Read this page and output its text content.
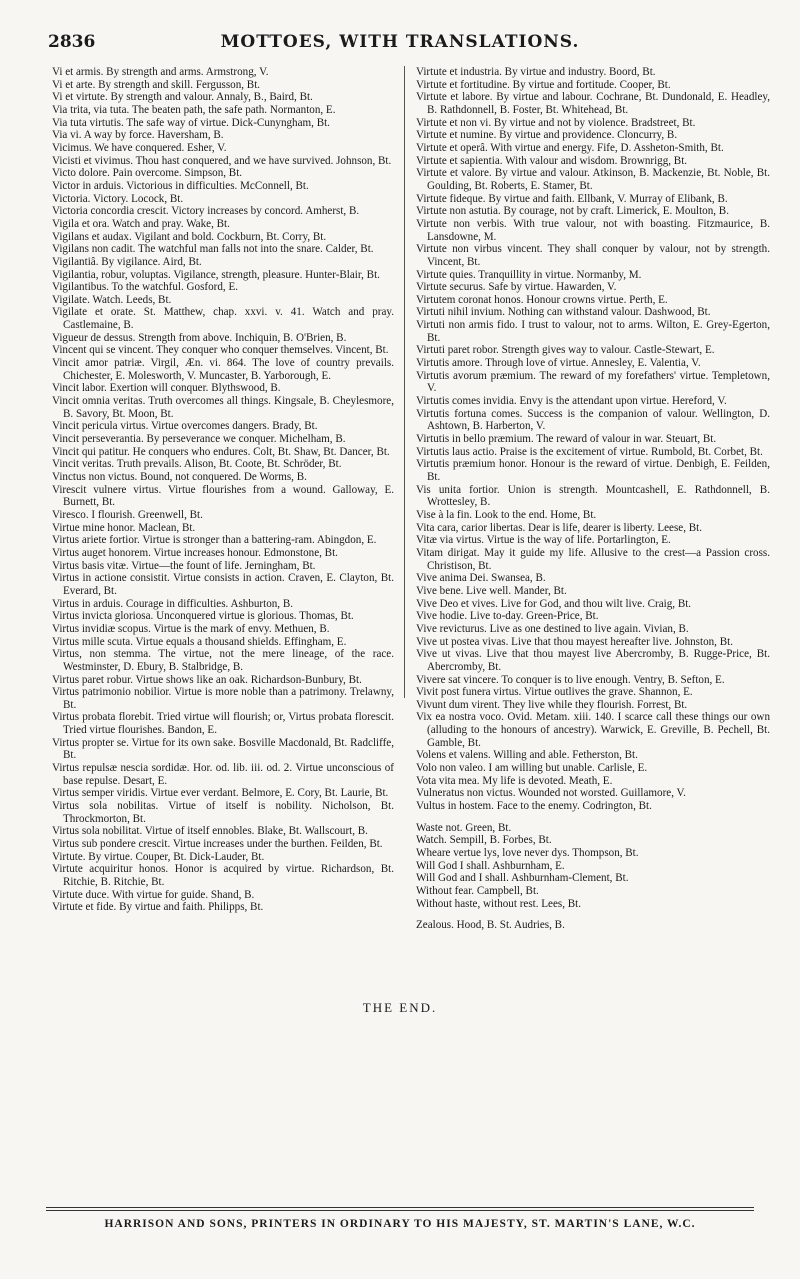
2836	MOTTOES, WITH TRANSLATIONS.

Vi et armis. By strength and arms. Armstrong, V.

Vi et arte. By strength and skill. Fergusson, Bt.

Vi et virtute. By strength and valour. Annaly, B., Baird, Bt.

Via trita, via tuta. The beaten path, the safe path. Normanton, E.

Via tuta virtutis. The safe way of virtue. Dick-Cunyngham, Bt.

Via vi. A way by force. Haversham, B.

Vicimus. We have conquered. Esher, V.

Vicisti et vivimus. Thou hast conquered, and we have survived. Johnson, Bt.

Victo dolore. Pain overcome. Simpson, Bt.

Victor in arduis. Victorious in difficulties. McConnell, Bt.

Victoria. Victory. Locock, Bt.

Victoria concordia crescit. Victory increases by concord. Amherst, B.

Vigila et ora. Watch and pray. Wake, Bt.

Vigilans et audax. Vigilant and bold. Cockburn, Bt. Corry, Bt.

Vigilans non cadit. The watchful man falls not into the snare. Calder, Bt.

Vigilantiâ. By vigilance. Aird, Bt.

Vigilantia, robur, voluptas. Vigilance, strength, pleasure. Hunter-Blair, Bt.

Vigilantibus. To the watchful. Gosford, E.

Vigilate. Watch. Leeds, Bt.

Vigilate et orate. St. Matthew, chap. xxvi. v. 41. Watch and pray. Castlemaine, B.

Vigueur de dessus. Strength from above. Inchiquin, B. O'Brien, B.

Vincent qui se vincent. They conquer who conquer themselves. Vincent, Bt.

Vincit amor patriæ. Virgil, Æn. vi. 864. The love of country prevails. Chichester, E. Molesworth, V. Muncaster, B. Yarborough, E.

Vincit labor. Exertion will conquer. Blythswood, B.

Vincit omnia veritas. Truth overcomes all things. Kingsale, B. Cheylesmore, B. Savory, Bt. Moon, Bt.

Vincit pericula virtus. Virtue overcomes dangers. Brady, Bt.

Vincit perseverantia. By perseverance we conquer. Michelham, B.

Vincit qui patitur. He conquers who endures. Colt, Bt. Shaw, Bt. Dancer, Bt.

Vincit veritas. Truth prevails. Alison, Bt. Coote, Bt. Schröder, Bt.

Vinctus non victus. Bound, not conquered. De Worms, B.

Virescit vulnere virtus. Virtue flourishes from a wound. Galloway, E. Burnett, Bt.

Viresco. I flourish. Greenwell, Bt.

Virtue mine honor. Maclean, Bt.

Virtus ariete fortior. Virtue is stronger than a battering-ram. Abingdon, E.

Virtus auget honorem. Virtue increases honour. Edmonstone, Bt.

Virtus basis vitæ. Virtue—the fount of life. Jerningham, Bt.

Virtus in actione consistit. Virtue consists in action. Craven, E. Clayton, Bt. Everard, Bt.

Virtus in arduis. Courage in difficulties. Ashburton, B.

Virtus invicta gloriosa. Unconquered virtue is glorious. Thomas, Bt.

Virtus invidiæ scopus. Virtue is the mark of envy. Methuen, B.

Virtus mille scuta. Virtue equals a thousand shields. Effingham, E.

Virtus, non stemma. The virtue, not the mere lineage, of the race. Westminster, D. Ebury, B. Stalbridge, B.

Virtus paret robur. Virtue shows like an oak. Richardson-Bunbury, Bt.

Virtus patrimonio nobilior. Virtue is more noble than a patrimony. Trelawny, Bt.

Virtus probata florebit. Tried virtue will flourish; or, Virtus probata florescit. Tried virtue flourishes. Bandon, E.

Virtus propter se. Virtue for its own sake. Bosville Macdonald, Bt. Radcliffe, Bt.

Virtus repulsæ nescia sordidæ. Hor. od. lib. iii. od. 2. Virtue unconscious of base repulse. Desart, E.

Virtus semper viridis. Virtue ever verdant. Belmore, E. Cory, Bt. Laurie, Bt.

Virtus sola nobilitas. Virtue of itself is nobility. Nicholson, Bt. Throckmorton, Bt.

Virtus sola nobilitat. Virtue of itself ennobles. Blake, Bt. Wallscourt, B.

Virtus sub pondere crescit. Virtue increases under the burthen. Feilden, Bt.

Virtute. By virtue. Couper, Bt. Dick-Lauder, Bt.

Virtute acquiritur honos. Honor is acquired by virtue. Richardson, Bt. Ritchie, B. Ritchie, Bt.

Virtute duce. With virtue for guide. Shand, B.

Virtute et fide. By virtue and faith. Philipps, Bt.

Virtute et industria. By virtue and industry. Boord, Bt.

Virtute et fortitudine. By virtue and fortitude. Cooper, Bt.

Virtute et labore. By virtue and labour. Cochrane, Bt. Dundonald, E. Headley, B. Rathdonnell, B. Foster, Bt. Whitehead, Bt.

Virtute et non vi. By virtue and not by violence. Bradstreet, Bt.

Virtute et numine. By virtue and providence. Cloncurry, B.

Virtute et operâ. With virtue and energy. Fife, D. Assheton-Smith, Bt.

Virtute et sapientia. With valour and wisdom. Brownrigg, Bt.

Virtute et valore. By virtue and valour. Atkinson, B. Mackenzie, Bt. Noble, Bt. Goulding, Bt. Roberts, E. Stamer, Bt.

Virtute fideque. By virtue and faith. Ellbank, V. Murray of Elibank, B.

Virtute non astutia. By courage, not by craft. Limerick, E. Moulton, B.

Virtute non verbis. With true valour, not with boasting. Fitzmaurice, B. Lansdowne, M.

Virtute non virbus vincent. They shall conquer by valour, not by strength. Vincent, Bt.

Virtute quies. Tranquillity in virtue. Normanby, M.

Virtute securus. Safe by virtue. Hawarden, V.

Virtutem coronat honos. Honour crowns virtue. Perth, E.

Virtuti nihil invium. Nothing can withstand valour. Dashwood, Bt.

Virtuti non armis fido. I trust to valour, not to arms. Wilton, E. Grey-Egerton, Bt.

Virtuti paret robor. Strength gives way to valour. Castle-Stewart, E.

Virtutis amore. Through love of virtue. Annesley, E. Valentia, V.

Virtutis avorum præmium. The reward of my forefathers' virtue. Templetown, V.

Virtutis comes invidia. Envy is the attendant upon virtue. Hereford, V.

Virtutis fortuna comes. Success is the companion of valour. Wellington, D. Ashtown, B. Harberton, V.

Virtutis in bello præmium. The reward of valour in war. Steuart, Bt.

Virtutis laus actio. Praise is the excitement of virtue. Rumbold, Bt. Corbet, Bt.

Virtutis præmium honor. Honour is the reward of virtue. Denbigh, E. Feilden, Bt.

Vis unita fortior. Union is strength. Mountcashell, E. Rathdonnell, B. Wrottesley, B.

Vise à la fin. Look to the end. Home, Bt.

Vita cara, carior libertas. Dear is life, dearer is liberty. Leese, Bt.

Vitæ via virtus. Virtue is the way of life. Portarlington, E.

Vitam dirigat. May it guide my life. Allusive to the crest—a Passion cross. Christison, Bt.

Vive anima Dei. Swansea, B.

Vive bene. Live well. Mander, Bt.

Vive Deo et vives. Live for God, and thou wilt live. Craig, Bt.

Vive hodie. Live to-day. Green-Price, Bt.

Vive revicturus. Live as one destined to live again. Vivian, B.

Vive ut postea vivas. Live that thou mayest hereafter live. Johnston, Bt.

Vive ut vivas. Live that thou mayest live Abercromby, B. Rugge-Price, Bt. Abercromby, Bt.

Vivere sat vincere. To conquer is to live enough. Ventry, B. Sefton, E.

Vivit post funera virtus. Virtue outlives the grave. Shannon, E.

Vivunt dum virent. They live while they flourish. Forrest, Bt.

Vix ea nostra voco. Ovid. Metam. xiii. 140. I scarce call these things our own (alluding to the honours of ancestry). Warwick, E. Greville, B. Pechell, Bt. Gamble, Bt.

Volens et valens. Willing and able. Fetherston, Bt.

Volo non valeo. I am willing but unable. Carlisle, E.

Vota vita mea. My life is devoted. Meath, E.

Vulneratus non victus. Wounded not worsted. Guillamore, V.

Vultus in hostem. Face to the enemy. Codrington, Bt.

Waste not. Green, Bt.

Watch. Sempill, B. Forbes, Bt.

Wheare vertue lys, love never dys. Thompson, Bt.

Will God I shall. Ashburnham, E.

Will God and I shall. Ashburnham-Clement, Bt.

Without fear. Campbell, Bt.

Without haste, without rest. Lees, Bt.

Zealous. Hood, B. St. Audries, B.

THE END.
HARRISON AND SONS, PRINTERS IN ORDINARY TO HIS MAJESTY, ST. MARTIN'S LANE, W.C.
